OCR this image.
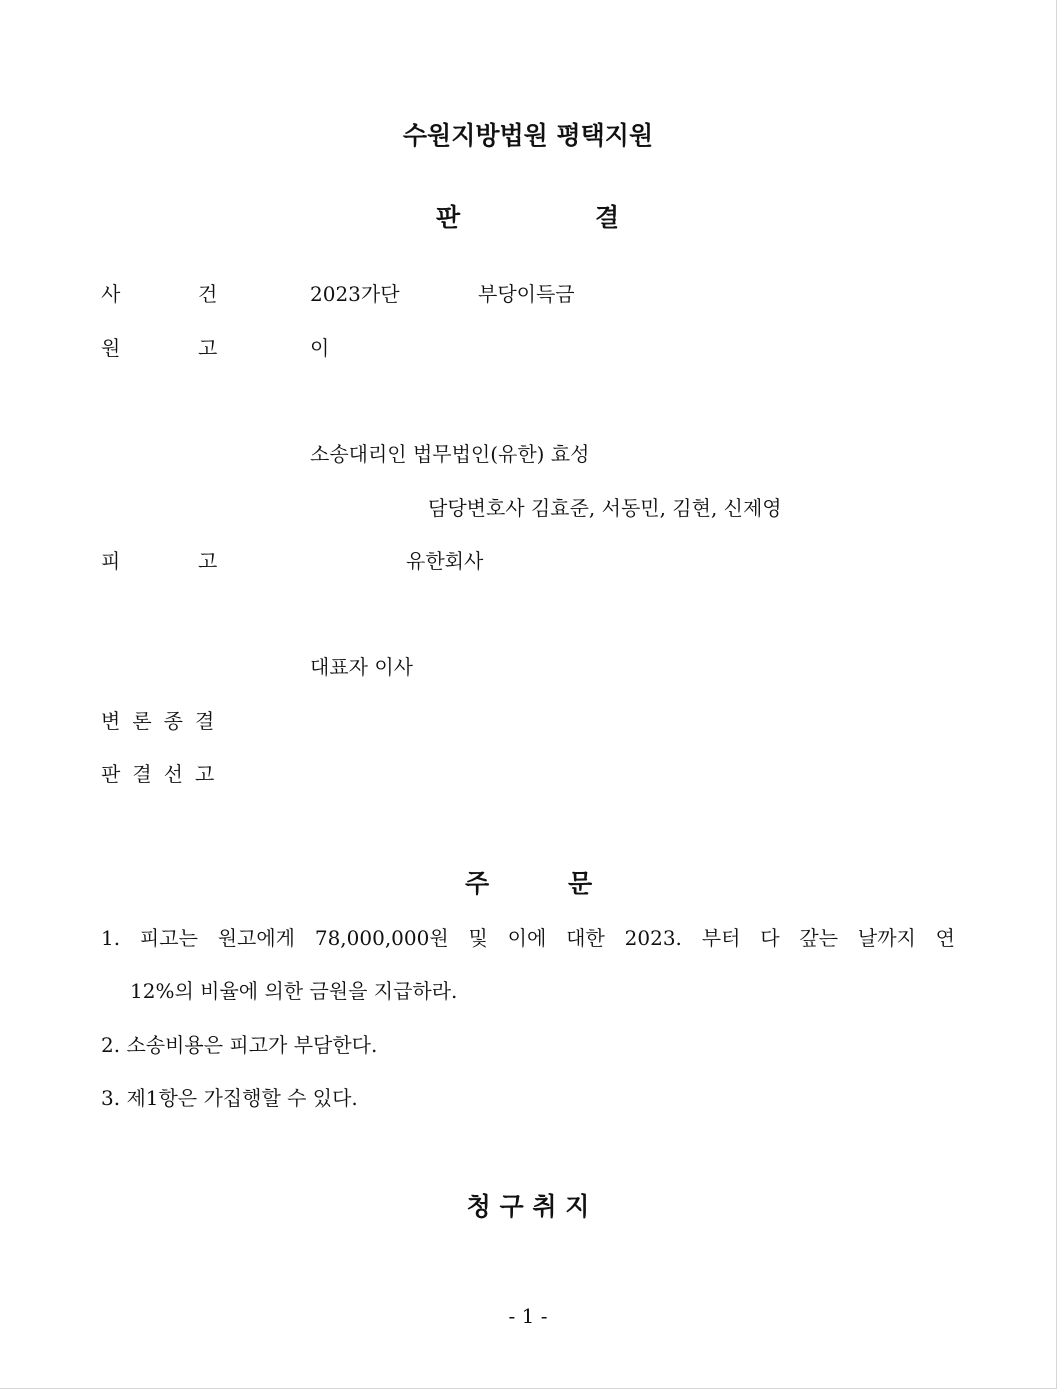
수원지방법원 평택지원
판	결
사	건	2023가단	부당이득금
원	고	이
소송대리인 법무법인(유한) 효성
담당변호사 김효준, 서동민, 김현, 신제영
피	고	유한회사
대표자 이사
변론종결
판결선고
주	문
1. 피고는 원고에게 78,000,000원 및 이에 대한 2023. 부터 다 갚는 날까지 연
12%의 비율에 의한 금원을 지급하라.
2. 소송비용은 피고가 부담한다.
3. 제1항은 가집행할 수 있다.
청 구 취 지
- 1 -
